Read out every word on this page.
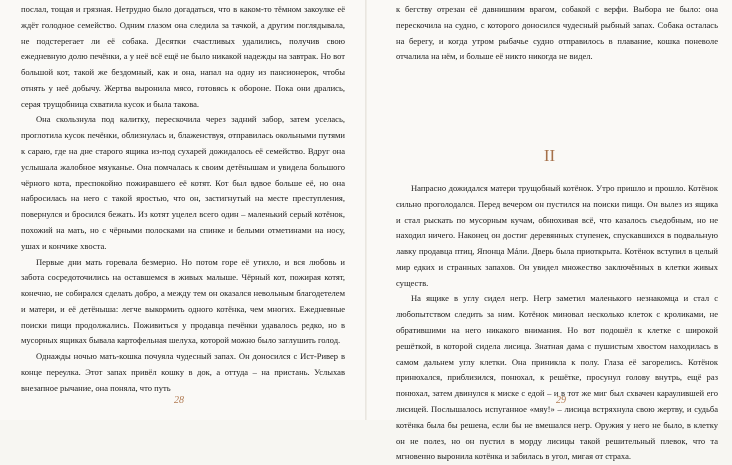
послал, тощая и грязная. Нетрудно было догадаться, что в каком-то тёмном закоулке её ждёт голодное семейство. Одним глазом она следила за тачкой, а другим поглядывала, не подстерегает ли её собака. Десятки счастливых удалились, получив свою ежедневную долю печёнки, а у неё всё ещё не было никакой надежды на завтрак. Но вот большой кот, такой же бездомный, как и она, напал на одну из пансионерок, чтобы отнять у неё добычу. Жертва выронила мясо, готовясь к обороне. Пока они дрались, серая трущобница схватила кусок и была такова.

Она скользнула под калитку, перескочила через задний забор, затем уселась, проглотила кусок печёнки, облизнулась и, блаженствуя, отправилась окольными путями к сараю, где на дне старого ящика из-под сухарей дожидалось её семейство. Вдруг она услышала жалобное мяуканье. Она помчалась к своим детёнышам и увидела большого чёрного кота, преспокойно пожиравшего её котят. Кот был вдвое больше её, но она набросилась на него с такой яростью, что он, застигнутый на месте преступления, повернулся и бросился бежать. Из котят уцелел всего один – маленький серый котёнок, похожий на мать, но с чёрными полосками на спинке и белыми отметинами на носу, ушах и кончике хвоста.

Первые дни мать горевала безмерно. Но потом горе её утихло, и вся любовь и забота сосредоточились на оставшемся в живых малыше. Чёрный кот, пожирая котят, конечно, не собирался сделать добро, а между тем он оказался невольным благодетелем и матери, и её детёныша: легче выкормить одного котёнка, чем многих. Ежедневные поиски пищи продолжались. Поживиться у продавца печёнки удавалось редко, но в мусорных ящиках бывала картофельная шелуха, которой можно было заглушить голод.

Однажды ночью мать-кошка почуяла чудесный запах. Он доносился с Ист-Ривер в конце переулка. Этот запах привёл кошку в док, а оттуда – на пристань. Услыхав внезапное рычание, она поняла, что путь

28

к бегству отрезан её давнишним врагом, собакой с верфи. Выбора не было: она перескочила на судно, с которого доносился чудесный рыбный запах. Собака осталась на берегу, и когда утром рыбачье судно отправилось в плавание, кошка поневоле отчалила на нём, и больше её никто никогда не видел.

II

Напрасно дожидался матери трущобный котёнок. Утро пришло и прошло. Котёнок сильно проголодался. Перед вечером он пустился на поиски пищи. Он вылез из ящика и стал рыскать по мусорным кучам, обнюхивая всё, что казалось съедобным, но не находил ничего. Наконец он достиг деревянных ступенек, спускавшихся в подвальную лавку продавца птиц, Японца Мáли. Дверь была приоткрыта. Котёнок вступил в целый мир едких и странных запахов. Он увидел множество заключённых в клетки живых существ.

На ящике в углу сидел негр. Негр заметил маленького незнакомца и стал с любопытством следить за ним. Котёнок миновал несколько клеток с кроликами, не обратившими на него никакого внимания. Но вот подошёл к клетке с широкой решёткой, в которой сидела лисица. Знатная дама с пушистым хвостом находилась в самом дальнем углу клетки. Она приникла к полу. Глаза её загорелись. Котёнок принюхался, приблизился, понюхал, к решётке, просунул голову внутрь, ещё раз понюхал, затем двинулся к миске с едой – и в тот же миг был схвачен караулившей его лисицей. Послышалось испуганное «мяу!» – лисица встряхнула свою жертву, и судьба котёнка была бы решена, если бы не вмешался негр. Оружия у него не было, в клетку он не полез, но он пустил в морду лисицы такой решительный плевок, что та мгновенно выронила котёнка и забилась в угол, мигая от страха.

29
